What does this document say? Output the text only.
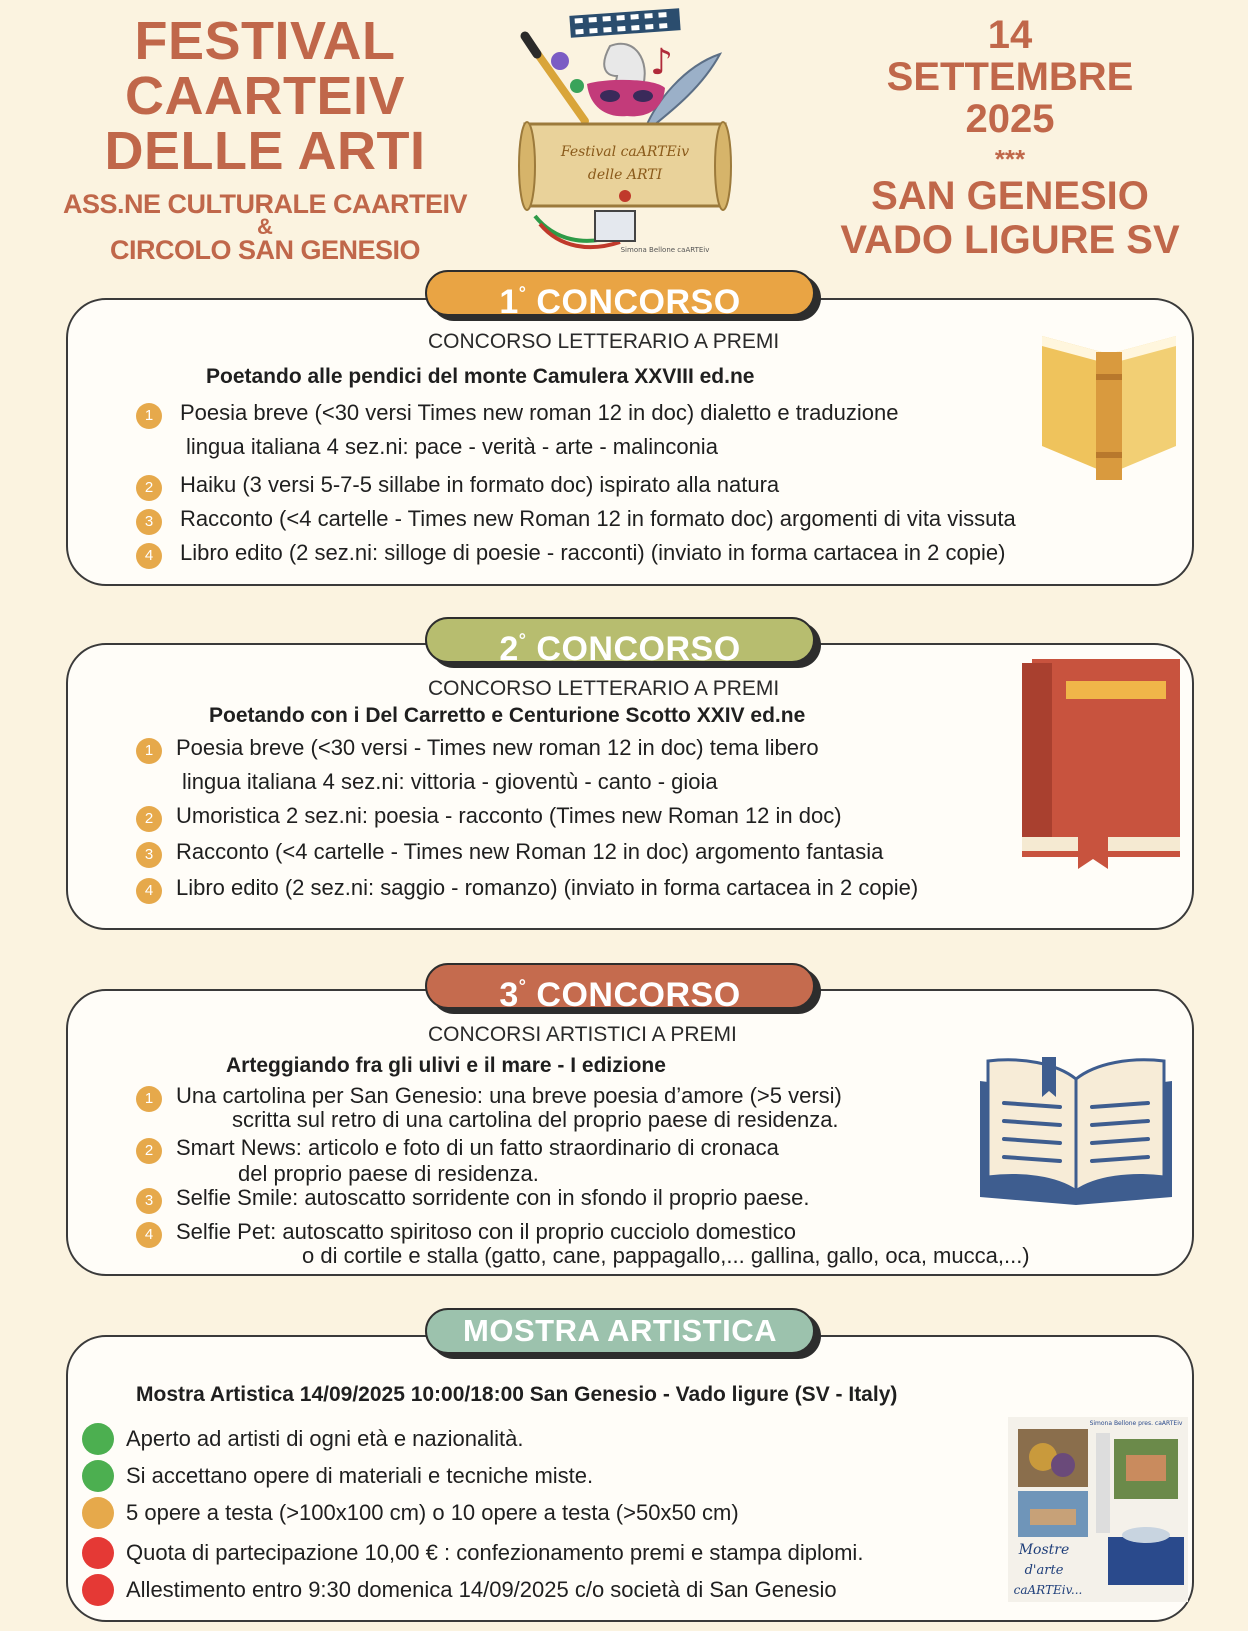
FESTIVAL
CAARTEIV
DELLE ARTI
ASS.NE CULTURALE CAARTEIV
&
CIRCOLO SAN GENESIO
♪
Festival caARTEiv
delle ARTI
Simona Bellone caARTEiv
14
SETTEMBRE
2025
***
SAN GENESIO
VADO LIGURE SV
CONCORSO LETTERARIO A PREMI
Poetando alle pendici del monte Camulera XXVIII ed.ne
1	Poesia breve (<30 versi Times new roman 12 in doc) dialetto e traduzione
lingua italiana 4 sez.ni: pace - verità - arte - malinconia
2	Haiku (3 versi 5-7-5 sillabe in formato doc) ispirato alla natura
3	Racconto (<4 cartelle - Times new Roman 12 in formato doc) argomenti di vita vissuta
4	Libro edito (2 sez.ni: silloge di poesie - racconti) (inviato in forma cartacea in 2 copie)
1° CONCORSO
CONCORSO LETTERARIO A PREMI
Poetando con i Del Carretto e Centurione Scotto XXIV ed.ne
1	Poesia breve (<30 versi - Times new roman 12 in doc) tema libero
lingua italiana 4 sez.ni: vittoria - gioventù - canto - gioia
2	Umoristica 2 sez.ni: poesia - racconto (Times new Roman 12 in doc)
3	Racconto (<4 cartelle - Times new Roman 12 in doc) argomento fantasia
4	Libro edito (2 sez.ni: saggio - romanzo) (inviato in forma cartacea in 2 copie)
2° CONCORSO
CONCORSI ARTISTICI A PREMI
Arteggiando fra gli ulivi e il mare - I edizione
1	Una cartolina per San Genesio: una breve poesia d’amore (>5 versi)
scritta sul retro di una cartolina del proprio paese di residenza.
2	Smart News: articolo e foto di un fatto straordinario di cronaca
del proprio paese di residenza.
3	Selfie Smile: autoscatto sorridente con in sfondo il proprio paese.
4	Selfie Pet: autoscatto spiritoso con il proprio cucciolo domestico
o di cortile e stalla (gatto, cane, pappagallo,... gallina, gallo, oca, mucca,...)
3° CONCORSO
Mostra Artistica 14/09/2025 10:00/18:00 San Genesio - Vado ligure (SV - Italy)
Aperto ad artisti di ogni età e nazionalità.
Si accettano opere di materiali e tecniche miste.
5 opere a testa (>100x100 cm) o 10 opere a testa (>50x50 cm)
Quota di partecipazione 10,00 € : confezionamento premi e stampa diplomi.
Allestimento entro 9:30 domenica 14/09/2025 c/o società di San Genesio
Mostre
d'arte
caARTEiv...
Simona Bellone pres. caARTEiv
MOSTRA ARTISTICA
